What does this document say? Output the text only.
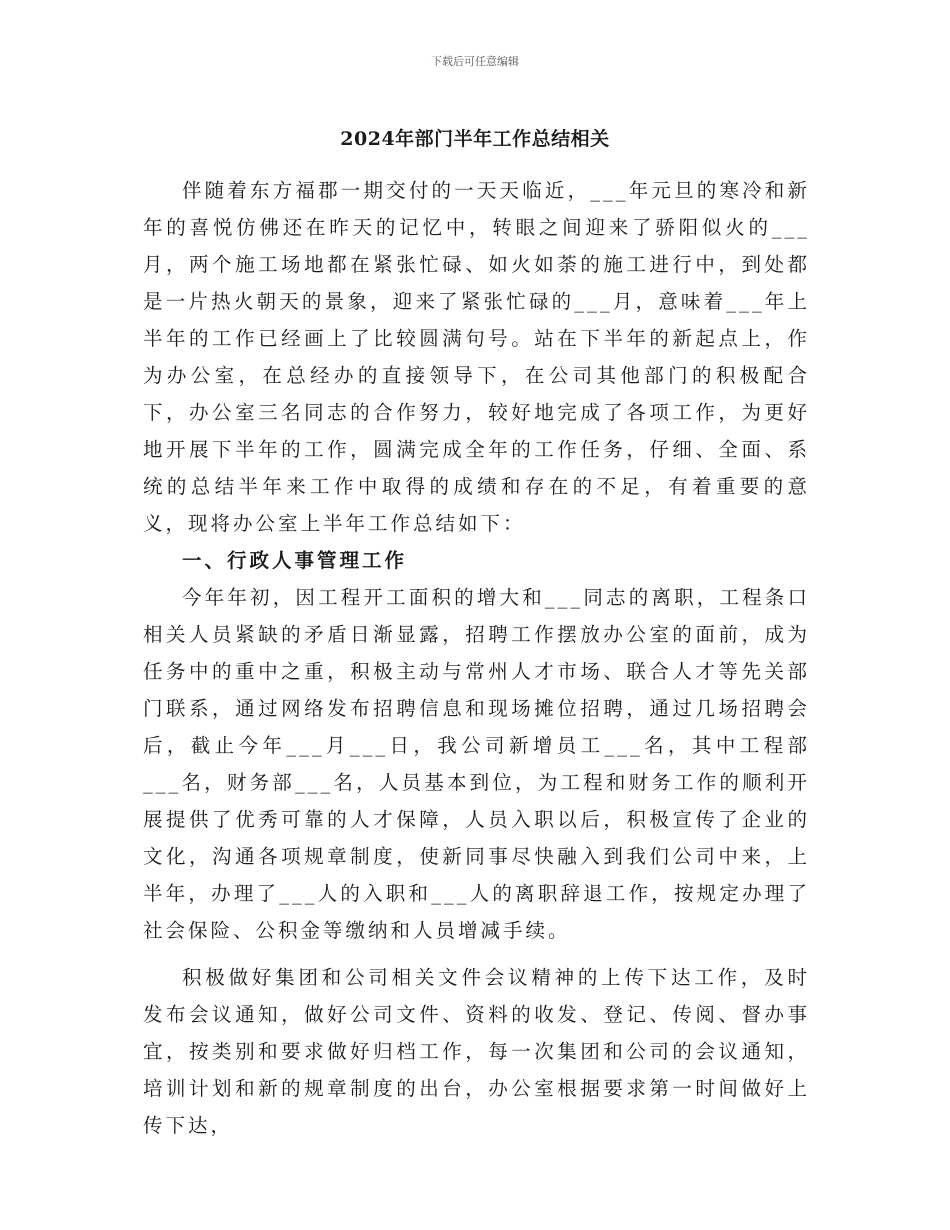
下载后可任意编辑
2024年部门半年工作总结相关

伴随着东方福郡一期交付的一天天临近，___年元旦的寒冷和新年的喜悦仿佛还在昨天的记忆中，转眼之间迎来了骄阳似火的___月，两个施工场地都在紧张忙碌、如火如荼的施工进行中，到处都是一片热火朝天的景象，迎来了紧张忙碌的___月，意味着___年上半年的工作已经画上了比较圆满句号。站在下半年的新起点上，作为办公室，在总经办的直接领导下，在公司其他部门的积极配合下，办公室三名同志的合作努力，较好地完成了各项工作，为更好地开展下半年的工作，圆满完成全年的工作任务，仔细、全面、系统的总结半年来工作中取得的成绩和存在的不足，有着重要的意义，现将办公室上半年工作总结如下：

一、行政人事管理工作

今年年初，因工程开工面积的增大和___同志的离职，工程条口相关人员紧缺的矛盾日渐显露，招聘工作摆放办公室的面前，成为任务中的重中之重，积极主动与常州人才市场、联合人才等先关部门联系，通过网络发布招聘信息和现场摊位招聘，通过几场招聘会后，截止今年___月___日，我公司新增员工___名，其中工程部___名，财务部___名，人员基本到位，为工程和财务工作的顺利开展提供了优秀可靠的人才保障，人员入职以后，积极宣传了企业的文化，沟通各项规章制度，使新同事尽快融入到我们公司中来，上半年，办理了___人的入职和___人的离职辞退工作，按规定办理了社会保险、公积金等缴纳和人员增减手续。

积极做好集团和公司相关文件会议精神的上传下达工作，及时发布会议通知，做好公司文件、资料的收发、登记、传阅、督办事宜，按类别和要求做好归档工作，每一次集团和公司的会议通知，培训计划和新的规章制度的出台，办公室根据要求第一时间做好上传下达，
